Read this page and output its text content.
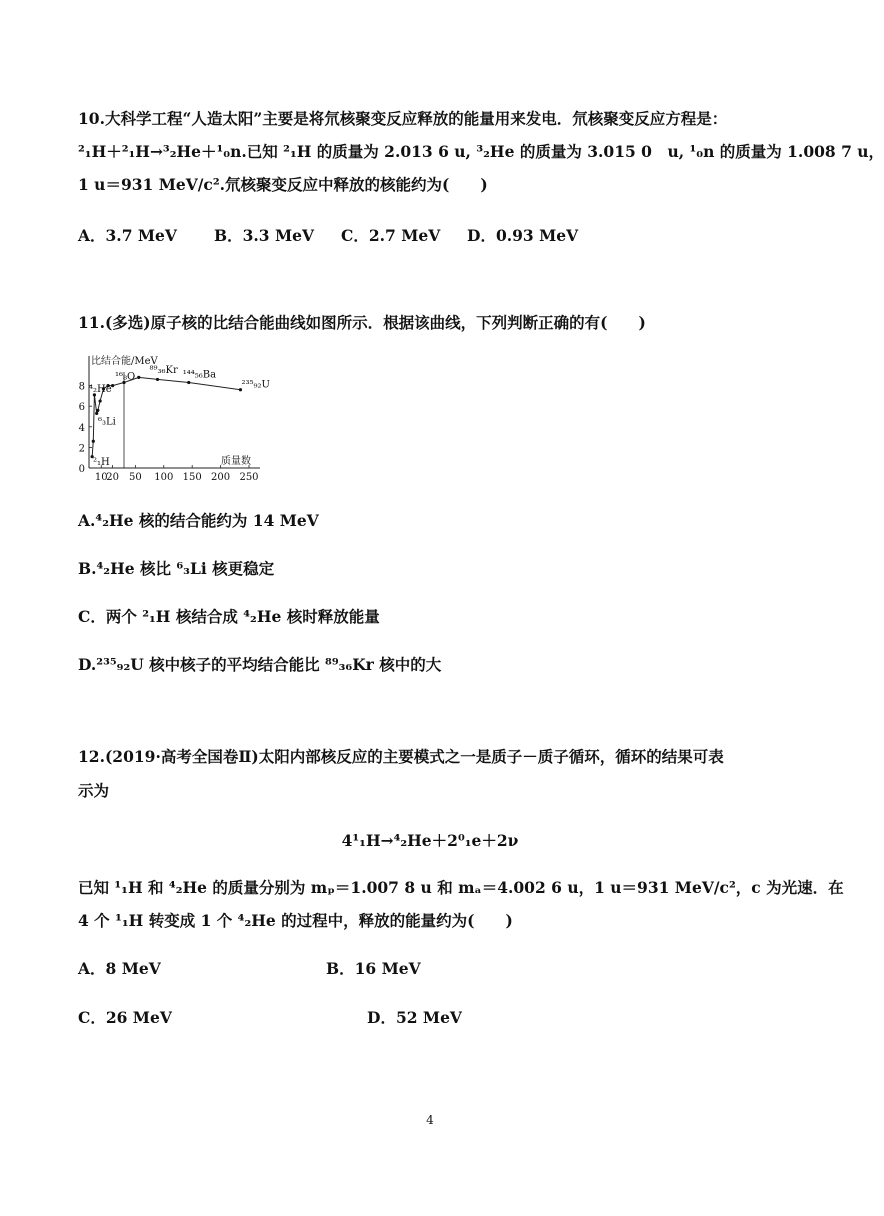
10.大科学工程“人造太阳”主要是将氘核聚变反应释放的能量用来发电．氘核聚变反应方程是：
²₁H＋²₁H→³₂He＋¹₀n.已知 ²₁H 的质量为 2.013 6 u, ³₂He 的质量为 3.015 0　u, ¹₀n 的质量为 1.008 7 u，
1 u＝931 MeV/c².氘核聚变反应中释放的核能约为(　　)
A．3.7 MeV B．3.3 MeV C．2.7 MeV D．0.93 MeV
11.(多选)原子核的比结合能曲线如图所示．根据该曲线，下列判断正确的有(　　)
0
2
4
6
8
10
20 50 100 150 200 250
比结合能/MeV
质量数
²₁H
⁴₂He
⁶₃Li
¹⁶₈O
⁸⁹₃₆Kr ¹⁴⁴₅₆Ba
²³⁵₉₂U
A.⁴₂He 核的结合能约为 14 MeV
B.⁴₂He 核比 ⁶₃Li 核更稳定
C．两个 ²₁H 核结合成 ⁴₂He 核时释放能量
D.²³⁵₉₂U 核中核子的平均结合能比 ⁸⁹₃₆Kr 核中的大
12.(2019·高考全国卷Ⅱ)太阳内部核反应的主要模式之一是质子－质子循环，循环的结果可表
示为
4¹₁H→⁴₂He＋2⁰₁e＋2ν
已知 ¹₁H 和 ⁴₂He 的质量分别为 mₚ＝1.007 8 u 和 mₐ＝4.002 6 u，1 u＝931 MeV/c²，c 为光速．在
4 个 ¹₁H 转变成 1 个 ⁴₂He 的过程中，释放的能量约为(　　)
A．8 MeV	B．16 MeV
C．26 MeV	D．52 MeV
4
